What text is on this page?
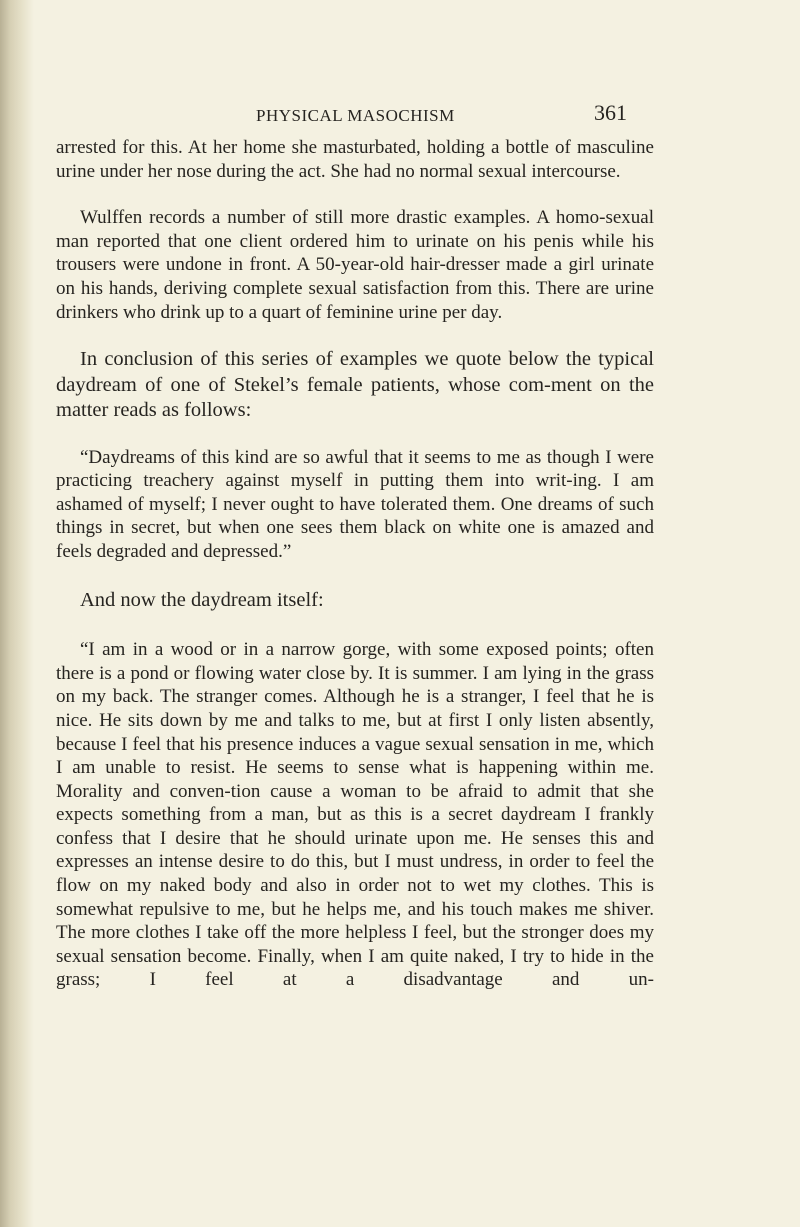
PHYSICAL MASOCHISM	361

arrested for this. At her home she masturbated, holding a bottle of masculine urine under her nose during the act. She had no normal sexual intercourse.

Wulffen records a number of still more drastic examples. A homo-sexual man reported that one client ordered him to urinate on his penis while his trousers were undone in front. A 50-year-old hair-dresser made a girl urinate on his hands, deriving complete sexual satisfaction from this. There are urine drinkers who drink up to a quart of feminine urine per day.

In conclusion of this series of examples we quote below the typical daydream of one of Stekel’s female patients, whose com-ment on the matter reads as follows:

“Daydreams of this kind are so awful that it seems to me as though I were practicing treachery against myself in putting them into writ-ing. I am ashamed of myself; I never ought to have tolerated them. One dreams of such things in secret, but when one sees them black on white one is amazed and feels degraded and depressed.”

And now the daydream itself:

“I am in a wood or in a narrow gorge, with some exposed points; often there is a pond or flowing water close by. It is summer. I am lying in the grass on my back. The stranger comes. Although he is a stranger, I feel that he is nice. He sits down by me and talks to me, but at first I only listen absently, because I feel that his presence induces a vague sexual sensation in me, which I am unable to resist. He seems to sense what is happening within me. Morality and conven-tion cause a woman to be afraid to admit that she expects something from a man, but as this is a secret daydream I frankly confess that I desire that he should urinate upon me. He senses this and expresses an intense desire to do this, but I must undress, in order to feel the flow on my naked body and also in order not to wet my clothes. This is somewhat repulsive to me, but he helps me, and his touch makes me shiver. The more clothes I take off the more helpless I feel, but the stronger does my sexual sensation become. Finally, when I am quite naked, I try to hide in the grass; I feel at a disadvantage and un-
